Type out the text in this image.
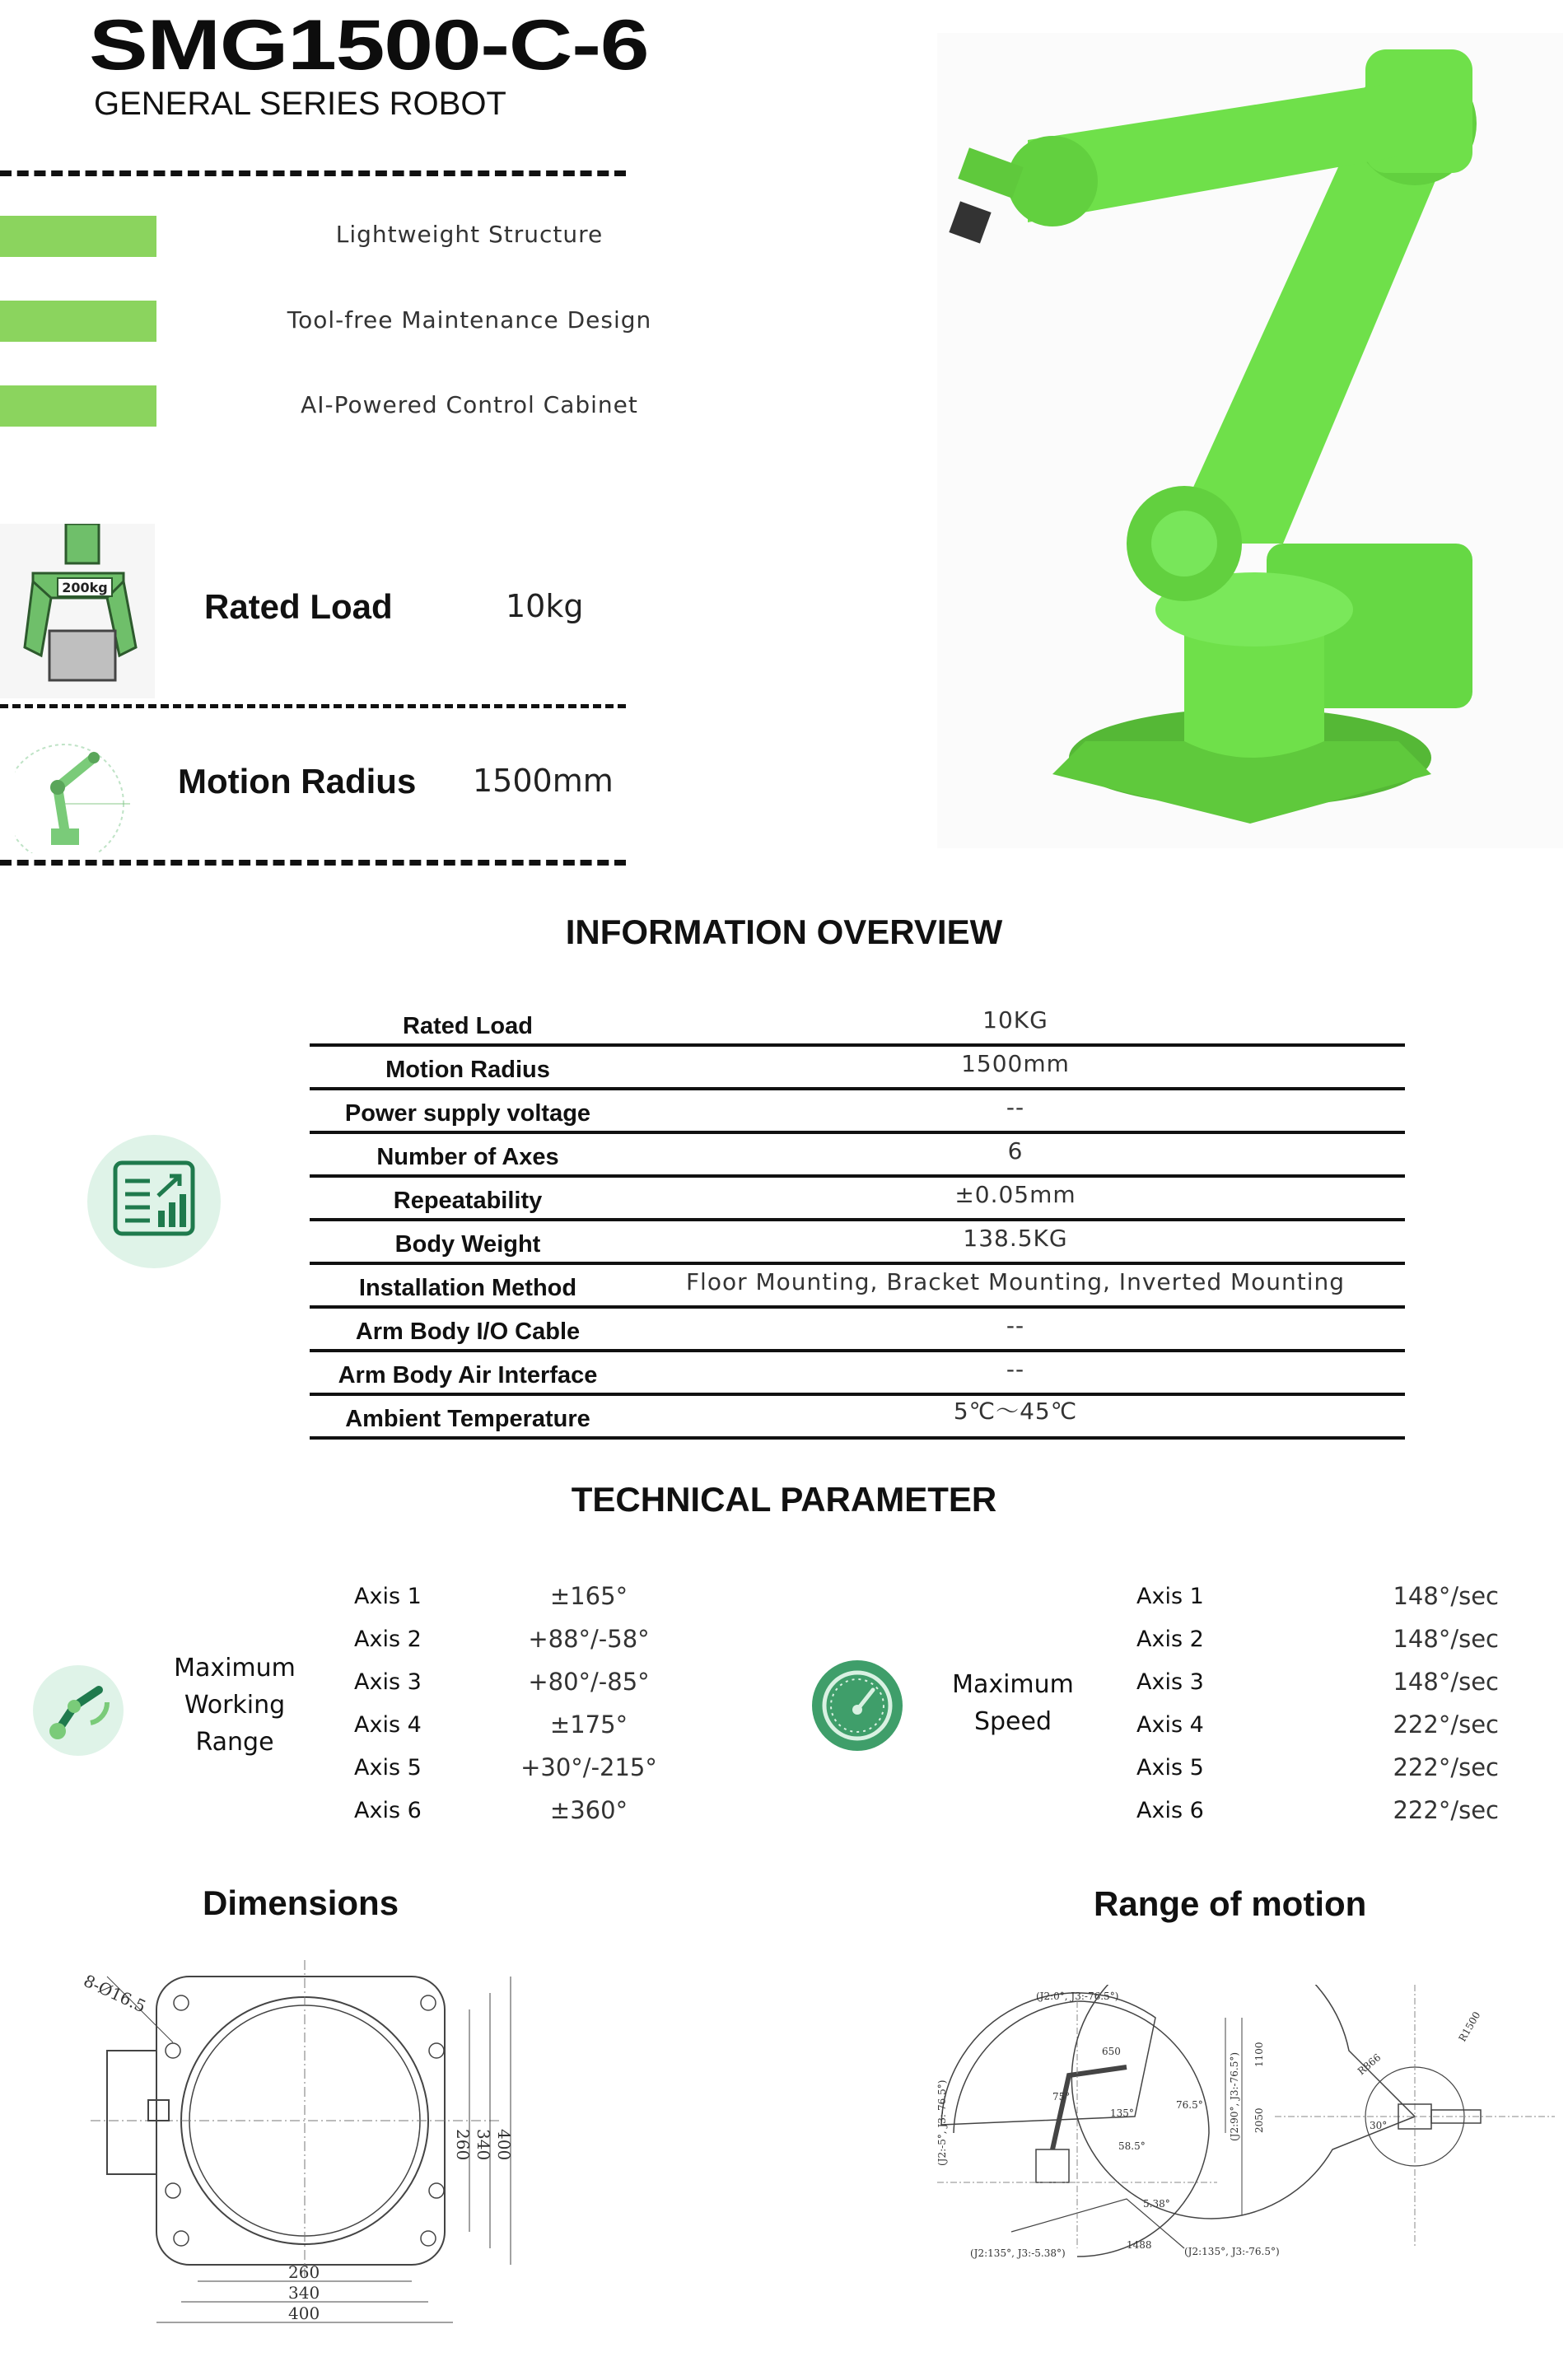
SMG1500-C-6
GENERAL SERIES ROBOT
Lightweight Structure
Tool-free Maintenance Design
AI-Powered Control Cabinet
200kg	Rated Load	10kg
Motion Radius 1500mm
INFORMATION OVERVIEW
Rated Load	10KG
Motion Radius	1500mm
Power supply voltage	--
Number of Axes	6
Repeatability	±0.05mm
Body Weight	138.5KG
Installation Method	Floor Mounting, Bracket Mounting, Inverted Mounting
Arm Body I/O Cable	--
Arm Body Air Interface	--
Ambient Temperature	5℃～45℃
TECHNICAL PARAMETER
Maximum
Working
Range
Axis 1	±165°
Axis 2	+88°/-58°
Axis 3	+80°/-85°
Axis 4	±175°
Axis 5	+30°/-215°
Axis 6	±360°
Maximum
Speed
Axis 1	148°/sec
Axis 2	148°/sec
Axis 3	148°/sec
Axis 4	222°/sec
Axis 5	222°/sec
Axis 6	222°/sec
Dimensions
8-Ø16.5
260 340 400
260
340
400
Range of motion
(J2:0°, J3:-76.5°)
(J2:-5°, J3:-76.5°)
(J2:135°, J3:-5.38°)	(J2:135°, J3:-76.5°)
(J2:90°, J3:-76.5°)
650
1488
1100
2050
75°
135°
76.5°
58.5°
5.38°
R1500
R866
30°
